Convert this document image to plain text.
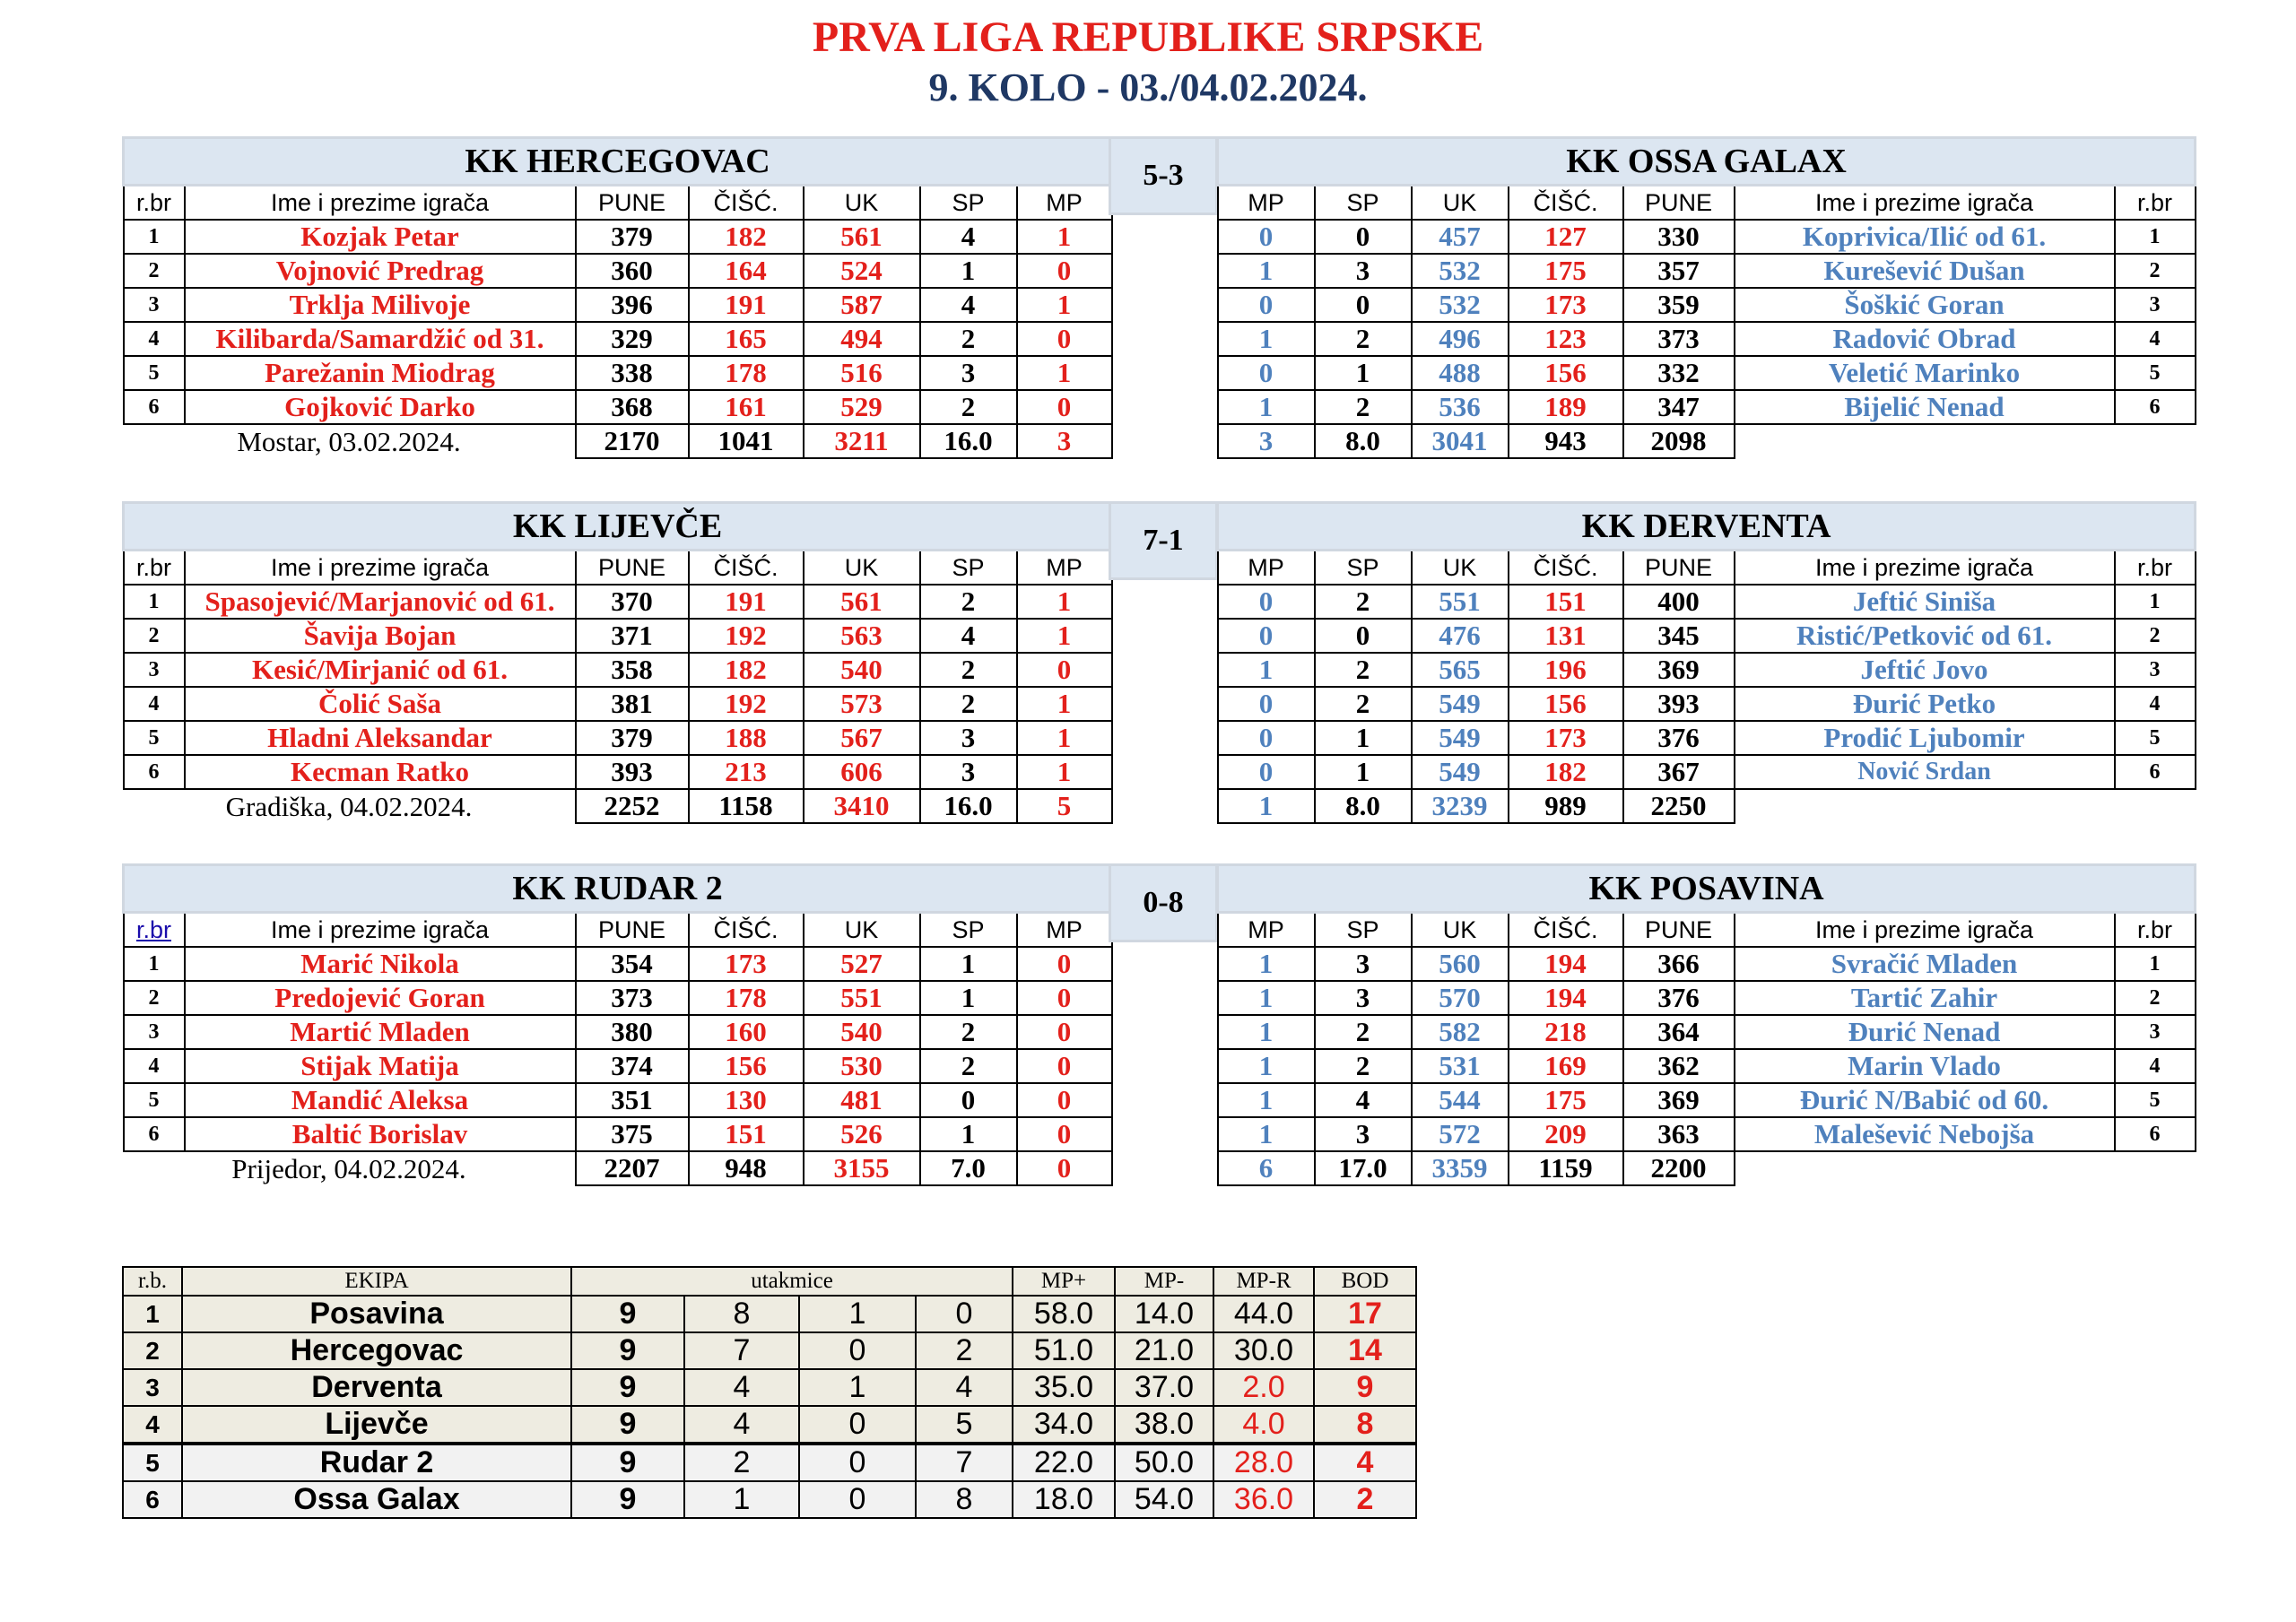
PRVA LIGA REPUBLIKE SRPSKE
9. KOLO - 03./04.02.2024.
KK HERCEGOVAC						
r.br	Ime i prezime igrača	PUNE	ČIŠĆ.	UK	SP	MP
1	Kozjak Petar	379	182	561	4	1
2	Vojnović Predrag	360	164	524	1	0
3	Trklja Milivoje	396	191	587	4	1
4	Kilibarda/Samardžić od 31.	329	165	494	2	0
5	Parežanin Miodrag	338	178	516	3	1
6	Gojković Darko	368	161	529	2	0
Mostar, 03.02.2024.		2170	1041	3211	16.0	3
5-3	KK OSSA GALAX						
MP	SP	UK	ČIŠĆ.	PUNE	Ime i prezime igrača	r.br
0	0	457	127	330	Koprivica/Ilić od 61.	1
1	3	532	175	357	Kurešević Dušan	2
0	0	532	173	359	Šoškić Goran	3
1	2	496	123	373	Radović Obrad	4
0	1	488	156	332	Veletić Marinko	5
1	2	536	189	347	Bijelić Nenad	6
3	8.0	3041	943	2098		
KK LIJEVČE						
r.br	Ime i prezime igrača	PUNE	ČIŠĆ.	UK	SP	MP
1	Spasojević/Marjanović od 61.	370	191	561	2	1
2	Šavija Bojan	371	192	563	4	1
3	Kesić/Mirjanić od 61.	358	182	540	2	0
4	Čolić Saša	381	192	573	2	1
5	Hladni Aleksandar	379	188	567	3	1
6	Kecman Ratko	393	213	606	3	1
Gradiška, 04.02.2024.		2252	1158	3410	16.0	5
7-1	KK DERVENTA						
MP	SP	UK	ČIŠĆ.	PUNE	Ime i prezime igrača	r.br
0	2	551	151	400	Jeftić Siniša	1
0	0	476	131	345	Ristić/Petković od 61.	2
1	2	565	196	369	Jeftić Jovo	3
0	2	549	156	393	Đurić Petko	4
0	1	549	173	376	Prodić Ljubomir	5
0	1	549	182	367	Nović Srdan	6
1	8.0	3239	989	2250		
KK RUDAR 2						
r.br	Ime i prezime igrača	PUNE	ČIŠĆ.	UK	SP	MP
1	Marić Nikola	354	173	527	1	0
2	Predojević Goran	373	178	551	1	0
3	Martić Mladen	380	160	540	2	0
4	Stijak Matija	374	156	530	2	0
5	Mandić Aleksa	351	130	481	0	0
6	Baltić Borislav	375	151	526	1	0
Prijedor, 04.02.2024.		2207	948	3155	7.0	0
0-8	KK POSAVINA						
MP	SP	UK	ČIŠĆ.	PUNE	Ime i prezime igrača	r.br
1	3	560	194	366	Svračić Mladen	1
1	3	570	194	376	Tartić Zahir	2
1	2	582	218	364	Đurić Nenad	3
1	2	531	169	362	Marin Vlado	4
1	4	544	175	369	Đurić N/Babić od 60.	5
1	3	572	209	363	Malešević Nebojša	6
6	17.0	3359	1159	2200		
r.b.	EKIPA	utakmice				MP+	MP-	MP-R	BOD
1	Posavina	9	8	1	0	58.0	14.0	44.0	17
2	Hercegovac	9	7	0	2	51.0	21.0	30.0	14
3	Derventa	9	4	1	4	35.0	37.0	2.0	9
4	Lijevče	9	4	0	5	34.0	38.0	4.0	8
5	Rudar 2	9	2	0	7	22.0	50.0	28.0	4
6	Ossa Galax	9	1	0	8	18.0	54.0	36.0	2
